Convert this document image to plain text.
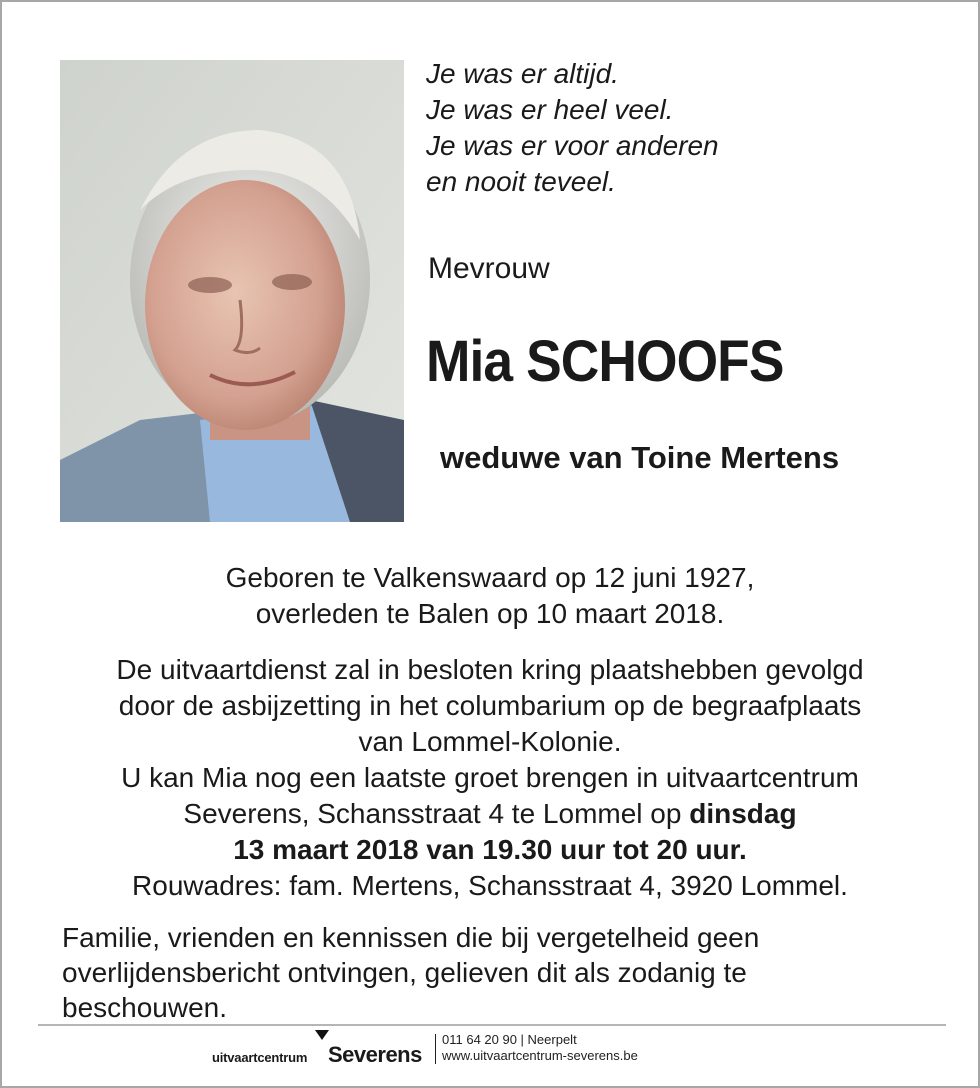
Je was er altijd.
Je was er heel veel.
Je was er voor anderen
en nooit teveel.
Mevrouw
Mia SCHOOFS
weduwe van Toine Mertens
Geboren te Valkenswaard op 12 juni 1927,
overleden te Balen op 10 maart 2018.
De uitvaartdienst zal in besloten kring plaatshebben gevolgd
door de asbijzetting in het columbarium op de begraafplaats
van Lommel-Kolonie.
U kan Mia nog een laatste groet brengen in uitvaartcentrum
Severens, Schansstraat 4 te Lommel op dinsdag
13 maart 2018 van 19.30 uur tot 20 uur.
Rouwadres: fam. Mertens, Schansstraat 4, 3920 Lommel.
Familie, vrienden en kennissen die bij vergetelheid geen
overlijdensbericht ontvingen, gelieven dit als zodanig te
beschouwen.
uitvaartcentrum Severens
011 64 20 90 | Neerpelt
www.uitvaartcentrum-severens.be
